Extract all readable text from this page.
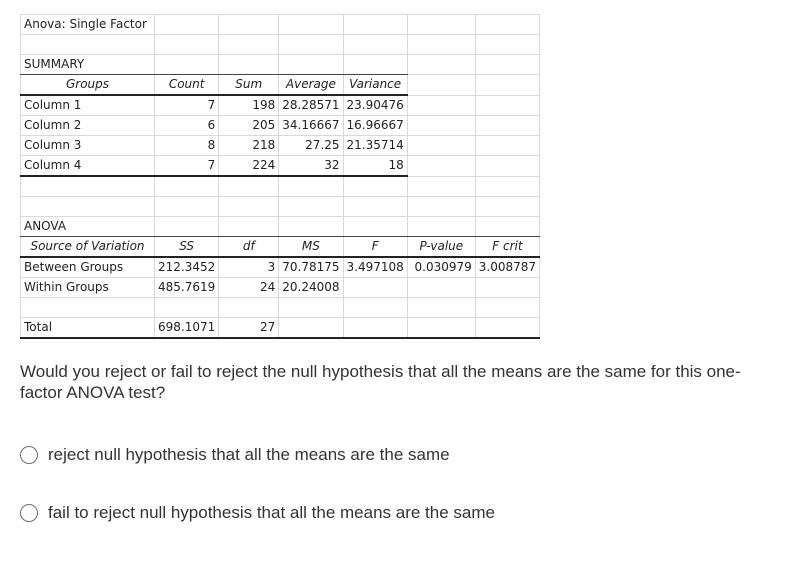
Anova: Single Factor						

SUMMARY						
Groups	Count	Sum	Average	Variance		
Column 1	7	198	28.28571	23.90476		
Column 2	6	205	34.16667	16.96667		
Column 3	8	218	27.25	21.35714		
Column 4	7	224	32	18		

ANOVA						
Source of Variation	SS	df	MS	F	P-value	F crit
Between Groups	212.3452	3	70.78175	3.497108	0.030979	3.008787
Within Groups	485.7619	24	20.24008			

Total	698.1071	27				
Would you reject or fail to reject the null hypothesis that all the means are the same for this one-factor ANOVA test?
reject null hypothesis that all the means are the same
fail to reject null hypothesis that all the means are the same
